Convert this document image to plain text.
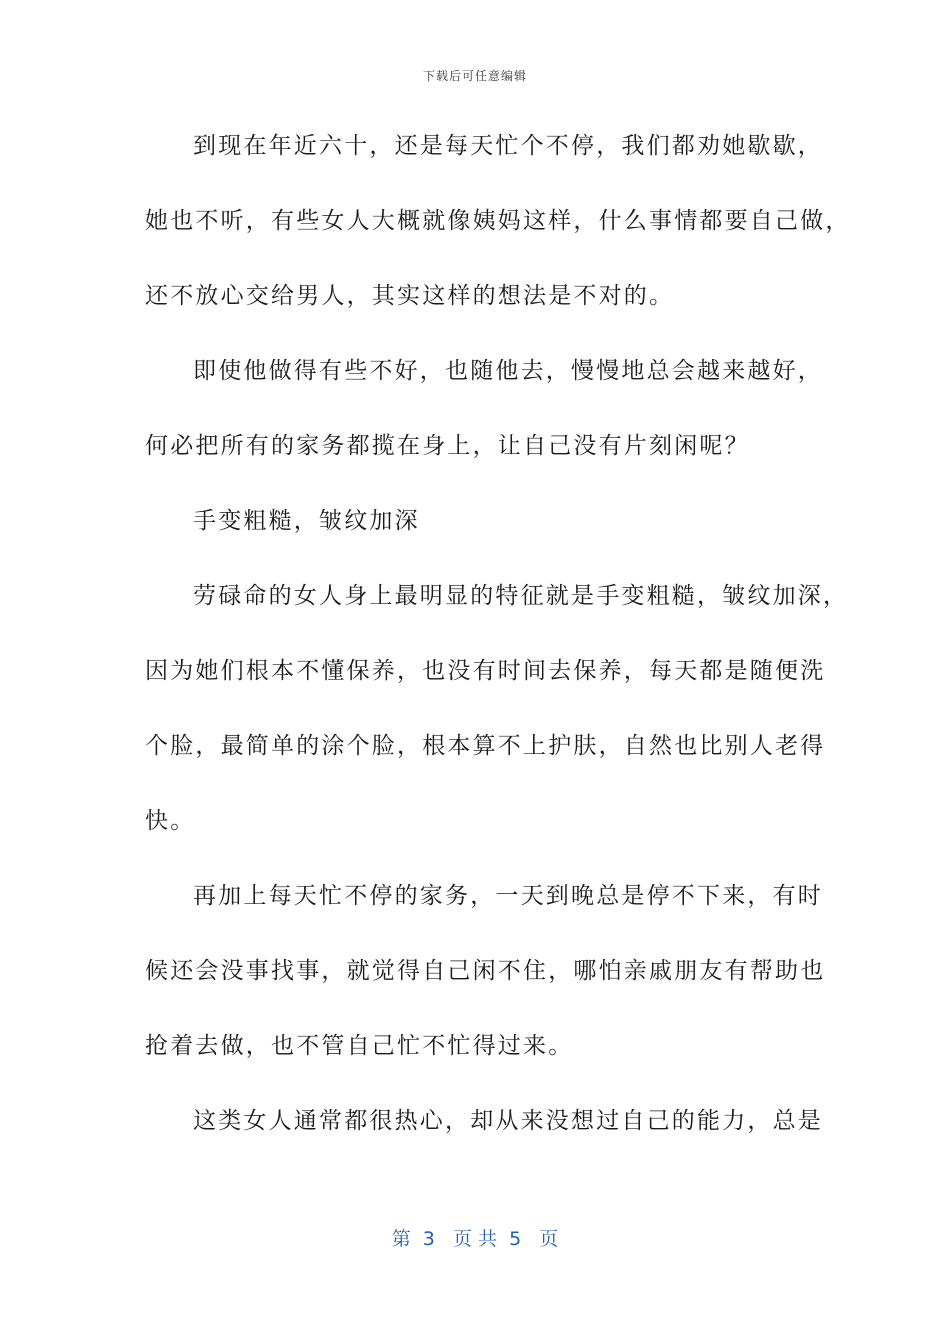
下载后可任意编辑
到现在年近六十，还是每天忙个不停，我们都劝她歇歇，
她也不听，有些女人大概就像姨妈这样，什么事情都要自己做，
还不放心交给男人，其实这样的想法是不对的。
即使他做得有些不好，也随他去，慢慢地总会越来越好，
何必把所有的家务都揽在身上，让自己没有片刻闲呢？
手变粗糙，皱纹加深
劳碌命的女人身上最明显的特征就是手变粗糙，皱纹加深，
因为她们根本不懂保养，也没有时间去保养，每天都是随便洗
个脸，最简单的涂个脸，根本算不上护肤，自然也比别人老得
快。
再加上每天忙不停的家务，一天到晚总是停不下来，有时
候还会没事找事，就觉得自己闲不住，哪怕亲戚朋友有帮助也
抢着去做，也不管自己忙不忙得过来。
这类女人通常都很热心，却从来没想过自己的能力，总是
第  3   页 共  5   页
